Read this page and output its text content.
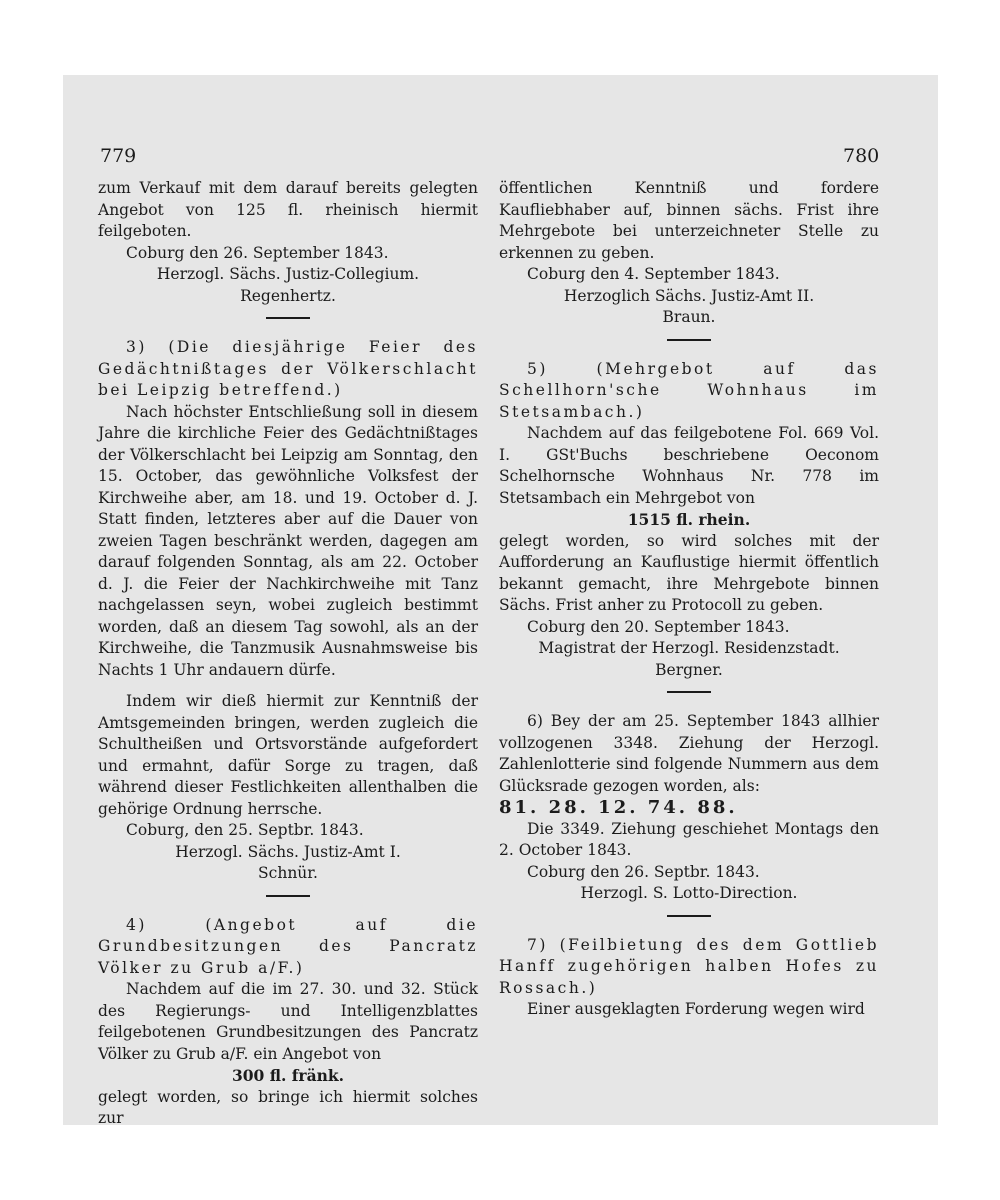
779	780

zum Verkauf mit dem darauf bereits gelegten Angebot von 125 fl. rheinisch hiermit feilgeboten.

Coburg den 26. September 1843.

Herzogl. Sächs. Justiz-Collegium.

Regenhertz.

3) (Die diesjährige Feier des Gedächtnißtages der Völkerschlacht bei Leipzig betreffend.)

Nach höchster Entschließung soll in diesem Jahre die kirchliche Feier des Gedächtnißtages der Völkerschlacht bei Leipzig am Sonntag, den 15. October, das gewöhnliche Volksfest der Kirchweihe aber, am 18. und 19. October d. J. Statt finden, letzteres aber auf die Dauer von zweien Tagen beschränkt werden, dagegen am darauf folgenden Sonntag, als am 22. October d. J. die Feier der Nachkirchweihe mit Tanz nachgelassen seyn, wobei zugleich bestimmt worden, daß an diesem Tag sowohl, als an der Kirchweihe, die Tanzmusik Ausnahmsweise bis Nachts 1 Uhr andauern dürfe.

Indem wir dieß hiermit zur Kenntniß der Amtsgemeinden bringen, werden zugleich die Schultheißen und Ortsvorstände aufgefordert und ermahnt, dafür Sorge zu tragen, daß während dieser Festlichkeiten allenthalben die gehörige Ordnung herrsche.

Coburg, den 25. Septbr. 1843.

Herzogl. Sächs. Justiz-Amt I.

Schnür.

4) (Angebot auf die Grundbesitzungen des Pancratz Völker zu Grub a/F.)

Nachdem auf die im 27. 30. und 32. Stück des Regierungs- und Intelligenzblattes feilgebotenen Grundbesitzungen des Pancratz Völker zu Grub a/F. ein Angebot von

300 fl. fränk.

gelegt worden, so bringe ich hiermit solches zur

öffentlichen Kenntniß und fordere Kaufliebhaber auf, binnen sächs. Frist ihre Mehrgebote bei unterzeichneter Stelle zu erkennen zu geben.

Coburg den 4. September 1843.

Herzoglich Sächs. Justiz-Amt II.

Braun.

5) (Mehrgebot auf das Schellhorn'sche Wohnhaus im Stetsambach.)

Nachdem auf das feilgebotene Fol. 669 Vol. I. GSt'Buchs beschriebene Oeconom Schelhornsche Wohnhaus Nr. 778 im Stetsambach ein Mehrgebot von

1515 fl. rhein.

gelegt worden, so wird solches mit der Aufforderung an Kauflustige hiermit öffentlich bekannt gemacht, ihre Mehrgebote binnen Sächs. Frist anher zu Protocoll zu geben.

Coburg den 20. September 1843.

Magistrat der Herzogl. Residenzstadt.

Bergner.

6) Bey der am 25. September 1843 allhier vollzogenen 3348. Ziehung der Herzogl. Zahlenlotterie sind folgende Nummern aus dem Glücksrade gezogen worden, als:

81. 28. 12. 74. 88.

Die 3349. Ziehung geschiehet Montags den 2. October 1843.

Coburg den 26. Septbr. 1843.

Herzogl. S. Lotto-Direction.

7) (Feilbietung des dem Gottlieb Hanff zugehörigen halben Hofes zu Rossach.)

Einer ausgeklagten Forderung wegen wird
